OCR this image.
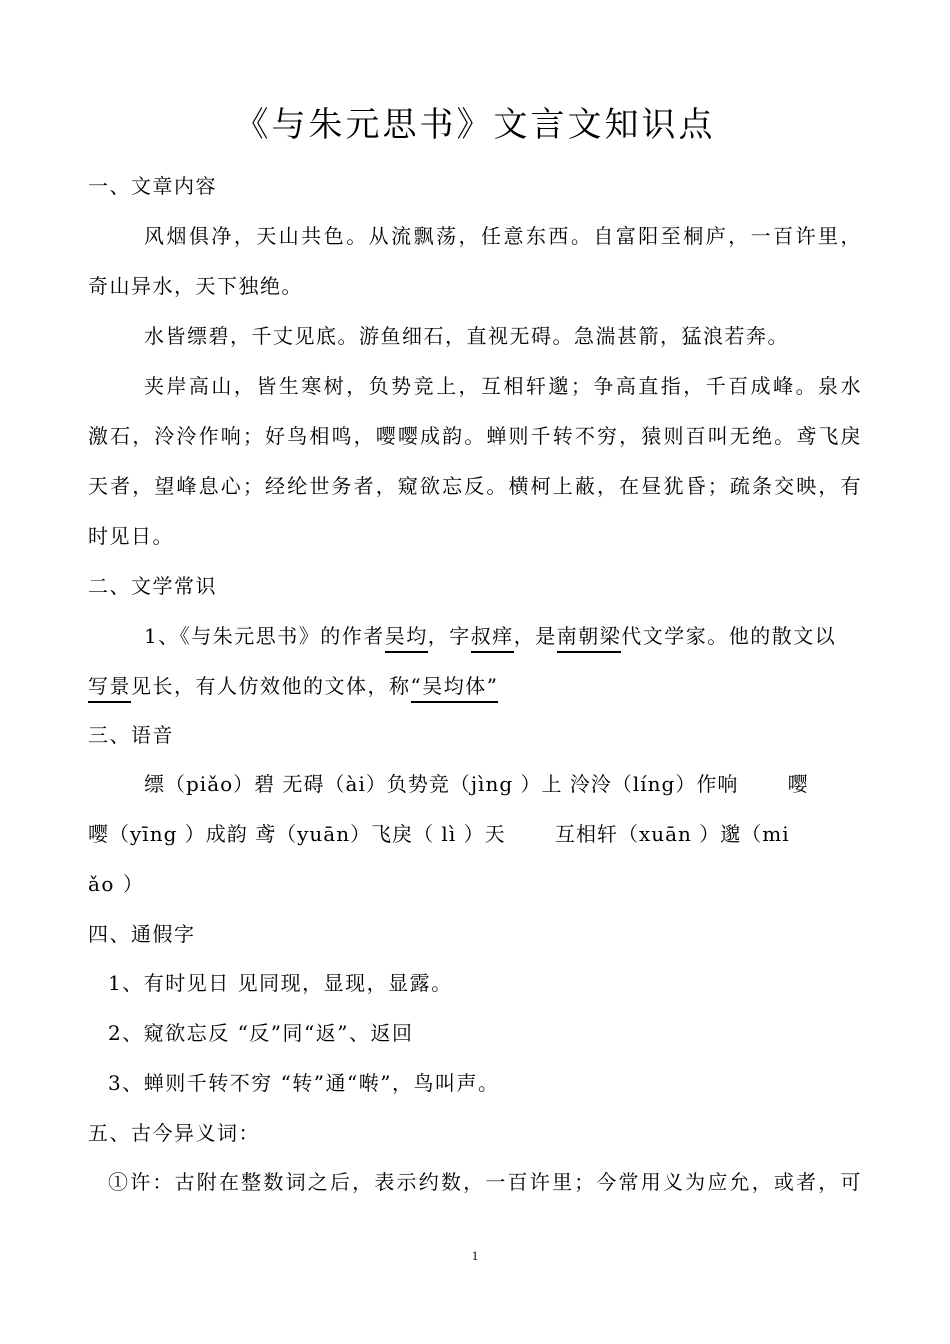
《与朱元思书》文言文知识点
一、文章内容
风烟俱净，天山共色。从流飘荡，任意东西。自富阳至桐庐，一百许里，
奇山异水，天下独绝。
水皆缥碧，千丈见底。游鱼细石，直视无碍。急湍甚箭，猛浪若奔。
夹岸高山，皆生寒树，负势竞上，互相轩邈；争高直指，千百成峰。泉水
激石，泠泠作响；好鸟相鸣，嘤嘤成韵。蝉则千转不穷，猿则百叫无绝。鸢飞戾
天者，望峰息心；经纶世务者，窥欲忘反。横柯上蔽，在昼犹昏；疏条交映，有
时见日。
二、文学常识
1、《与朱元思书》的作者吴均，字叔痒，是南朝梁代文学家。他的散文以
写景见长，有人仿效他的文体，称“吴均体”
三、语音
缥（piǎo）碧 无碍（ài）负势竞（jìng ）上 泠泠（líng）作响 　　嘤
嘤（yīng ）成韵 鸢（yuān）飞戾（ lì ）天 　　互相轩（xuān ）邈（mi
ǎo ）
四、通假字
1、有时见日 见同现，显现，显露。
2、窥欲忘反 “反”同“返”、返回
3、蝉则千转不穷 “转”通“啭”，鸟叫声。
五、古今异义词：
①许：古附在整数词之后，表示约数，一百许里；今常用义为应允，或者，可
1
